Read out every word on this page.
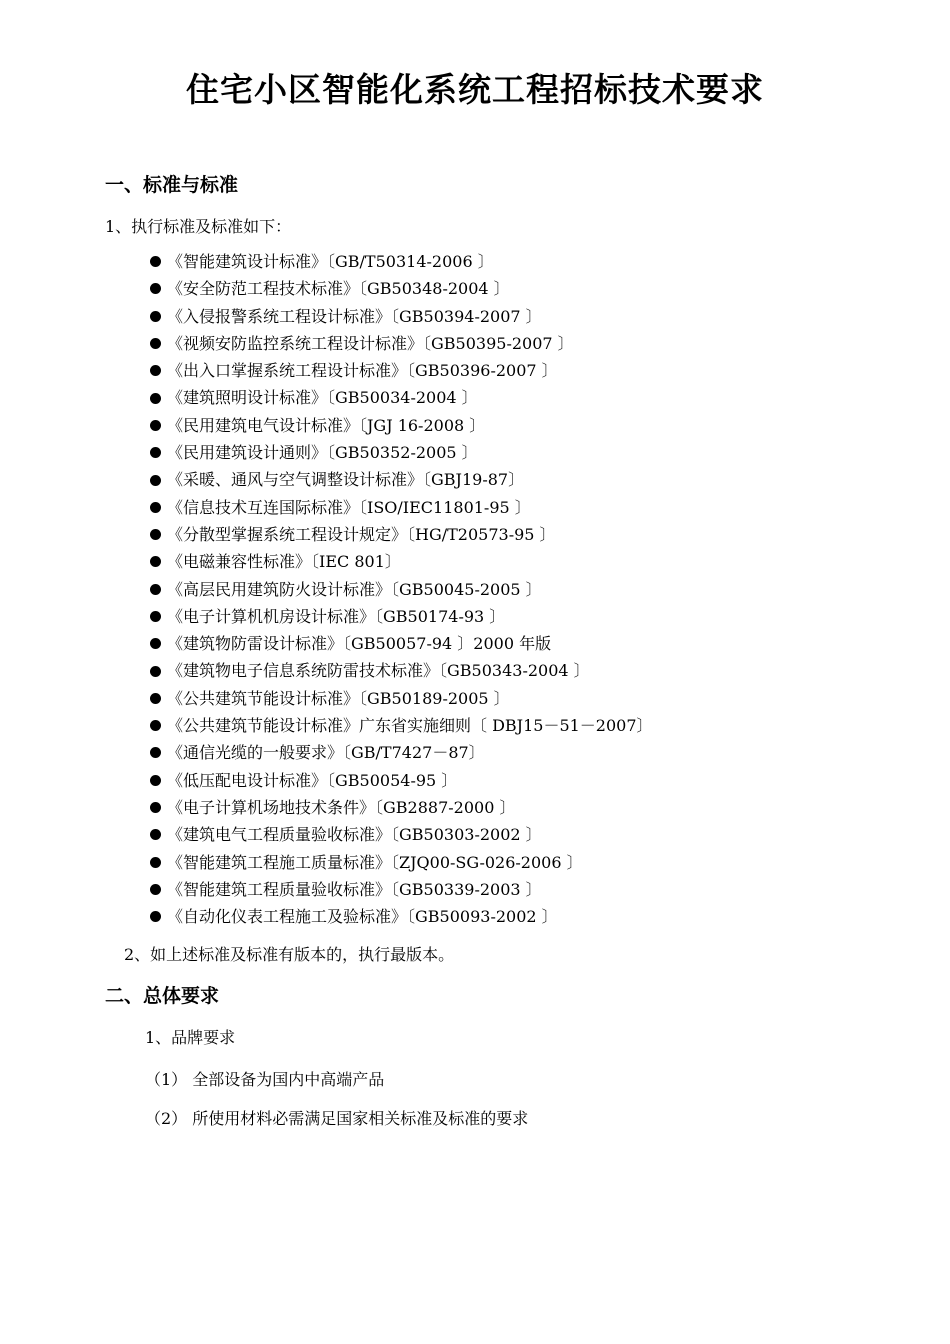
住宅小区智能化系统工程招标技术要求
一、标准与标准

1、执行标准及标准如下：

《智能建筑设计标准》〔GB/T50314-2006 〕
《安全防范工程技术标准》〔GB50348-2004 〕
《入侵报警系统工程设计标准》〔GB50394-2007 〕
《视频安防监控系统工程设计标准》〔GB50395-2007 〕
《出入口掌握系统工程设计标准》〔GB50396-2007 〕
《建筑照明设计标准》〔GB50034-2004 〕
《民用建筑电气设计标准》〔JGJ 16-2008 〕
《民用建筑设计通则》〔GB50352-2005 〕
《采暖、通风与空气调整设计标准》〔GBJ19-87〕
《信息技术互连国际标准》〔ISO/IEC11801-95 〕
《分散型掌握系统工程设计规定》〔HG/T20573-95 〕
《电磁兼容性标准》〔IEC 801〕
《高层民用建筑防火设计标准》〔GB50045-2005 〕
《电子计算机机房设计标准》〔GB50174-93 〕
《建筑物防雷设计标准》〔GB50057-94 〕2000 年版
《建筑物电子信息系统防雷技术标准》〔GB50343-2004 〕
《公共建筑节能设计标准》〔GB50189-2005 〕
《公共建筑节能设计标准》广东省实施细则〔 DBJ15－51－2007〕
《通信光缆的一般要求》〔GB/T7427－87〕
《低压配电设计标准》〔GB50054-95 〕
《电子计算机场地技术条件》〔GB2887-2000 〕
《建筑电气工程质量验收标准》〔GB50303-2002 〕
《智能建筑工程施工质量标准》〔ZJQ00-SG-026-2006 〕
《智能建筑工程质量验收标准》〔GB50339-2003 〕
《自动化仪表工程施工及验标准》〔GB50093-2002 〕

2、如上述标准及标准有版本的，执行最版本。

二、总体要求

1、品牌要求

（1） 全部设备为国内中高端产品

（2） 所使用材料必需满足国家相关标准及标准的要求
